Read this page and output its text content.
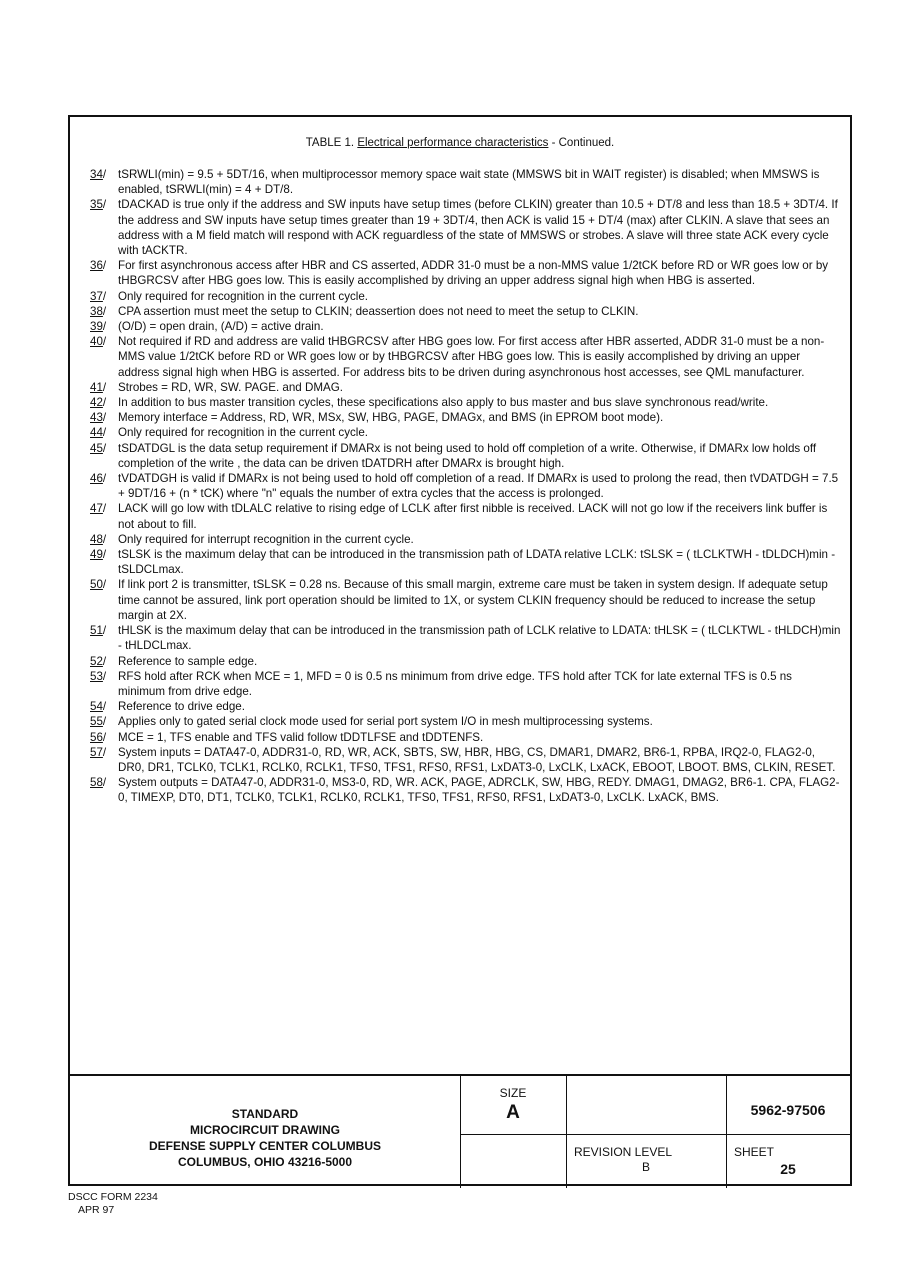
TABLE 1. Electrical performance characteristics - Continued.
34 /	tSRWLI(min) = 9.5 + 5DT/16, when multiprocessor memory space wait state (MMSWS bit in WAIT register) is disabled; when MMSWS is enabled, tSRWLI(min) = 4 + DT/8.
35 /	tDACKAD is true only if the address and SW inputs have setup times (before CLKIN) greater than 10.5 + DT/8 and less than 18.5 + 3DT/4. If the address and SW inputs have setup times greater than 19 + 3DT/4, then ACK is valid 15 + DT/4 (max) after CLKIN. A slave that sees an address with a M field match will respond with ACK reguardless of the state of MMSWS or strobes. A slave will three state ACK every cycle with tACKTR.
36 /	For first asynchronous access after HBR and CS asserted, ADDR 31-0 must be a non-MMS value 1/2tCK before RD or WR goes low or by tHBGRCSV after HBG goes low. This is easily accomplished by driving an upper address signal high when HBG is asserted.
37 /	Only required for recognition in the current cycle.
38 /	CPA assertion must meet the setup to CLKIN; deassertion does not need to meet the setup to CLKIN.
39 /	(O/D) = open drain, (A/D) = active drain.
40 /	Not required if RD and address are valid tHBGRCSV after HBG goes low. For first access after HBR asserted, ADDR 31-0 must be a non-MMS value 1/2tCK before RD or WR goes low or by tHBGRCSV after HBG goes low. This is easily accomplished by driving an upper address signal high when HBG is asserted. For address bits to be driven during asynchronous host accesses, see QML manufacturer.
41 /	Strobes = RD, WR, SW. PAGE. and DMAG.
42 /	In addition to bus master transition cycles, these specifications also apply to bus master and bus slave synchronous read/write.
43 /	Memory interface = Address, RD, WR, MSx, SW, HBG, PAGE, DMAGx, and BMS (in EPROM boot mode).
44 /	Only required for recognition in the current cycle.
45 /	tSDATDGL is the data setup requirement if DMARx is not being used to hold off completion of a write. Otherwise, if DMARx low holds off completion of the write , the data can be driven tDATDRH after DMARx is brought high.
46 /	tVDATDGH is valid if DMARx is not being used to hold off completion of a read. If DMARx is used to prolong the read, then tVDATDGH = 7.5 + 9DT/16 + (n * tCK) where "n" equals the number of extra cycles that the access is prolonged.
47 /	LACK will go low with tDLALC relative to rising edge of LCLK after first nibble is received. LACK will not go low if the receivers link buffer is not about to fill.
48 /	Only required for interrupt recognition in the current cycle.
49 /	tSLSK is the maximum delay that can be introduced in the transmission path of LDATA relative LCLK: tSLSK = ( tLCLKTWH - tDLDCH)min - tSLDCLmax.
50 /	If link port 2 is transmitter, tSLSK = 0.28 ns. Because of this small margin, extreme care must be taken in system design. If adequate setup time cannot be assured, link port operation should be limited to 1X, or system CLKIN frequency should be reduced to increase the setup margin at 2X.
51 /	tHLSK is the maximum delay that can be introduced in the transmission path of LCLK relative to LDATA: tHLSK = ( tLCLKTWL - tHLDCH)min - tHLDCLmax.
52 /	Reference to sample edge.
53 /	RFS hold after RCK when MCE = 1, MFD = 0 is 0.5 ns minimum from drive edge. TFS hold after TCK for late external TFS is 0.5 ns minimum from drive edge.
54 /	Reference to drive edge.
55 /	Applies only to gated serial clock mode used for serial port system I/O in mesh multiprocessing systems.
56 /	MCE = 1, TFS enable and TFS valid follow tDDTLFSE and tDDTENFS.
57 /	System inputs = DATA47-0, ADDR31-0, RD, WR, ACK, SBTS, SW, HBR, HBG, CS, DMAR1, DMAR2, BR6-1, RPBA, IRQ2-0, FLAG2-0, DR0, DR1, TCLK0, TCLK1, RCLK0, RCLK1, TFS0, TFS1, RFS0, RFS1, LxDAT3-0, LxCLK, LxACK, EBOOT, LBOOT. BMS, CLKIN, RESET.
58 /	System outputs = DATA47-0, ADDR31-0, MS3-0, RD, WR. ACK, PAGE, ADRCLK, SW, HBG, REDY. DMAG1, DMAG2, BR6-1. CPA, FLAG2-0, TIMEXP, DT0, DT1, TCLK0, TCLK1, RCLK0, RCLK1, TFS0, TFS1, RFS0, RFS1, LxDAT3-0, LxCLK. LxACK, BMS.
STANDARD
MICROCIRCUIT DRAWING
DEFENSE SUPPLY CENTER COLUMBUS
COLUMBUS, OHIO 43216-5000
SIZE
A	5962-97506
REVISION LEVEL
B
SHEET
25
DSCC FORM 2234
APR 97
